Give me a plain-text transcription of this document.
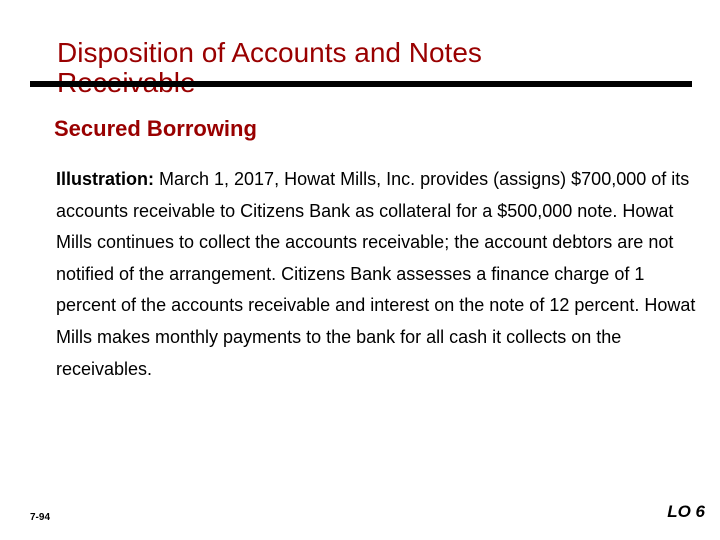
Disposition of Accounts and Notes
Secured Borrowing

Illustration: March 1, 2017, Howat Mills, Inc. provides (assigns) $700,000 of its accounts receivable to Citizens Bank as collateral for a $500,000 note. Howat Mills continues to collect the accounts receivable; the account debtors are not notified of the arrangement. Citizens Bank assesses a finance charge of 1 percent of the accounts receivable and interest on the note of 12 percent. Howat Mills makes monthly payments to the bank for all cash it collects on the receivables.

7-94	LO 6
